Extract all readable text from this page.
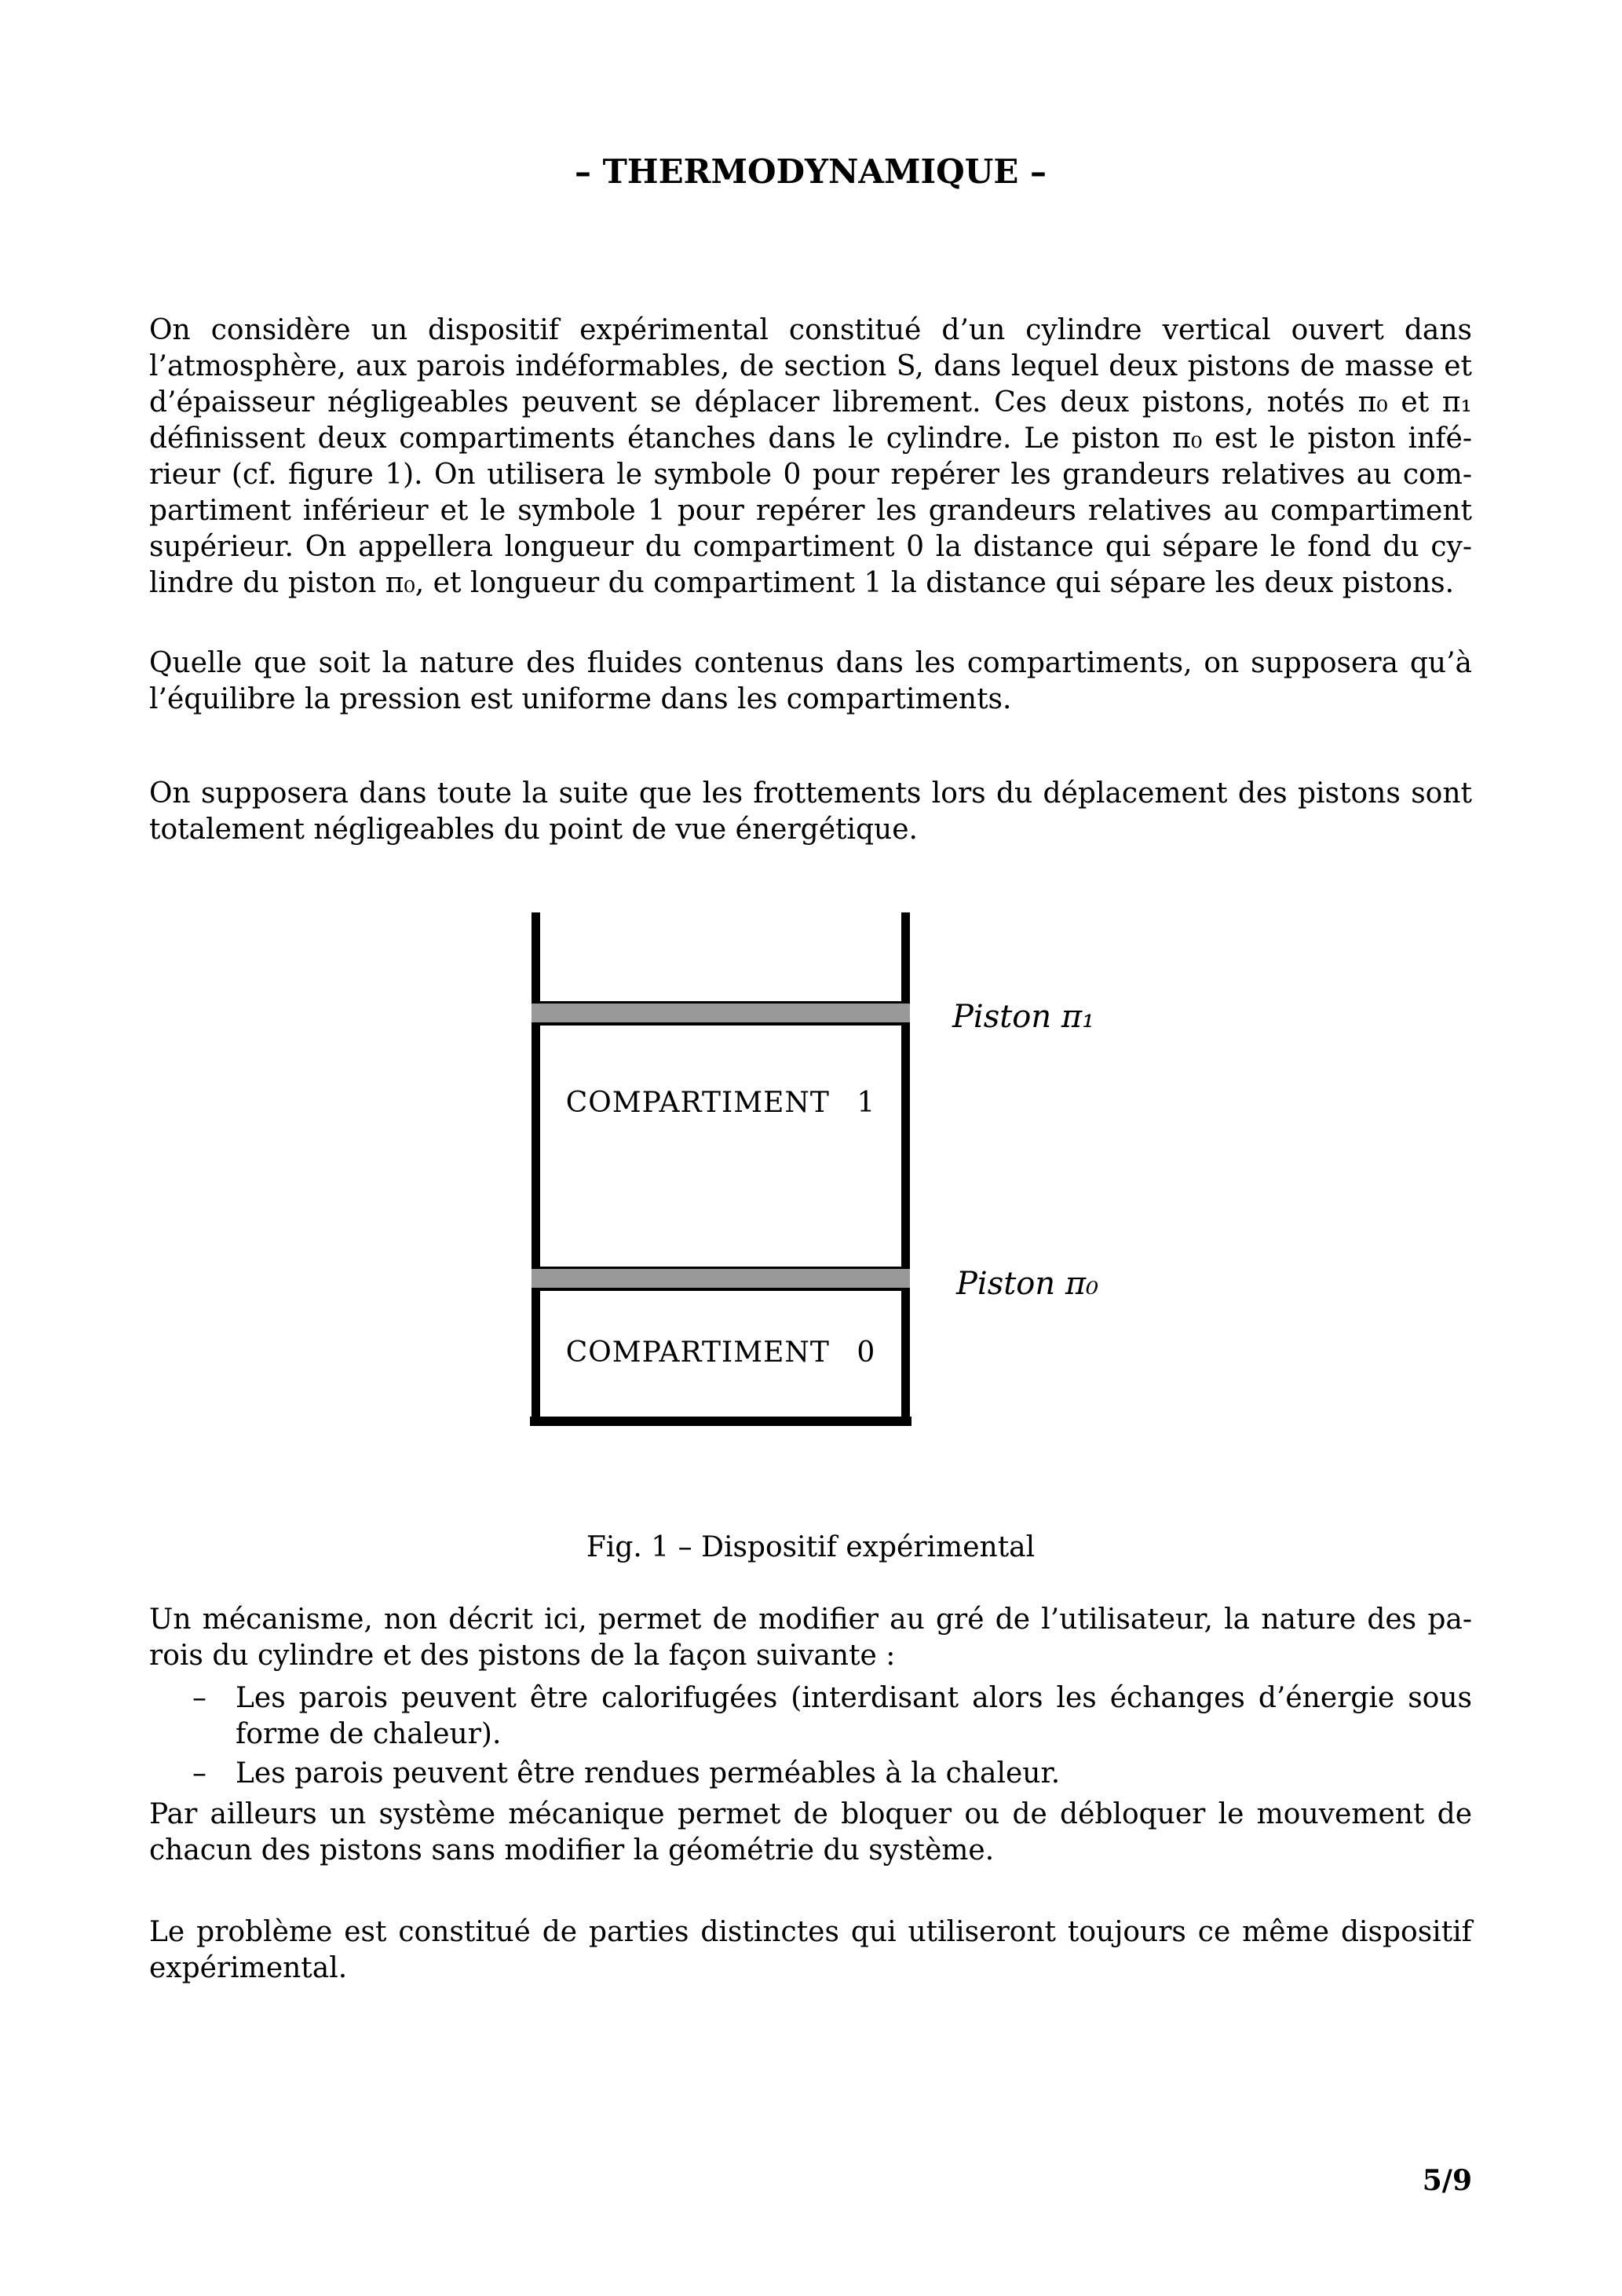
– THERMODYNAMIQUE –
On considère un dispositif expérimental constitué d’un cylindre vertical ouvert dans
l’atmosphère, aux parois indéformables, de section S, dans lequel deux pistons de masse et
d’épaisseur négligeables peuvent se déplacer librement. Ces deux pistons, notés π₀ et π₁
définissent deux compartiments étanches dans le cylindre. Le piston π₀ est le piston infé-
rieur (cf. figure 1). On utilisera le symbole 0 pour repérer les grandeurs relatives au com-
partiment inférieur et le symbole 1 pour repérer les grandeurs relatives au compartiment
supérieur. On appellera longueur du compartiment 0 la distance qui sépare le fond du cy-
lindre du piston π₀, et longueur du compartiment 1 la distance qui sépare les deux pistons.
Quelle que soit la nature des fluides contenus dans les compartiments, on supposera qu’à
l’équilibre la pression est uniforme dans les compartiments.
On supposera dans toute la suite que les frottements lors du déplacement des pistons sont
totalement négligeables du point de vue énergétique.
COMPARTIMENT 1
COMPARTIMENT 0
Piston π₁
Piston π₀
Fig. 1 – Dispositif expérimental
Un mécanisme, non décrit ici, permet de modifier au gré de l’utilisateur, la nature des pa-
rois du cylindre et des pistons de la façon suivante :
– Les parois peuvent être calorifugées (interdisant alors les échanges d’énergie sous
forme de chaleur).
– Les parois peuvent être rendues perméables à la chaleur.
Par ailleurs un système mécanique permet de bloquer ou de débloquer le mouvement de
chacun des pistons sans modifier la géométrie du système.
Le problème est constitué de parties distinctes qui utiliseront toujours ce même dispositif
expérimental.
5/9
